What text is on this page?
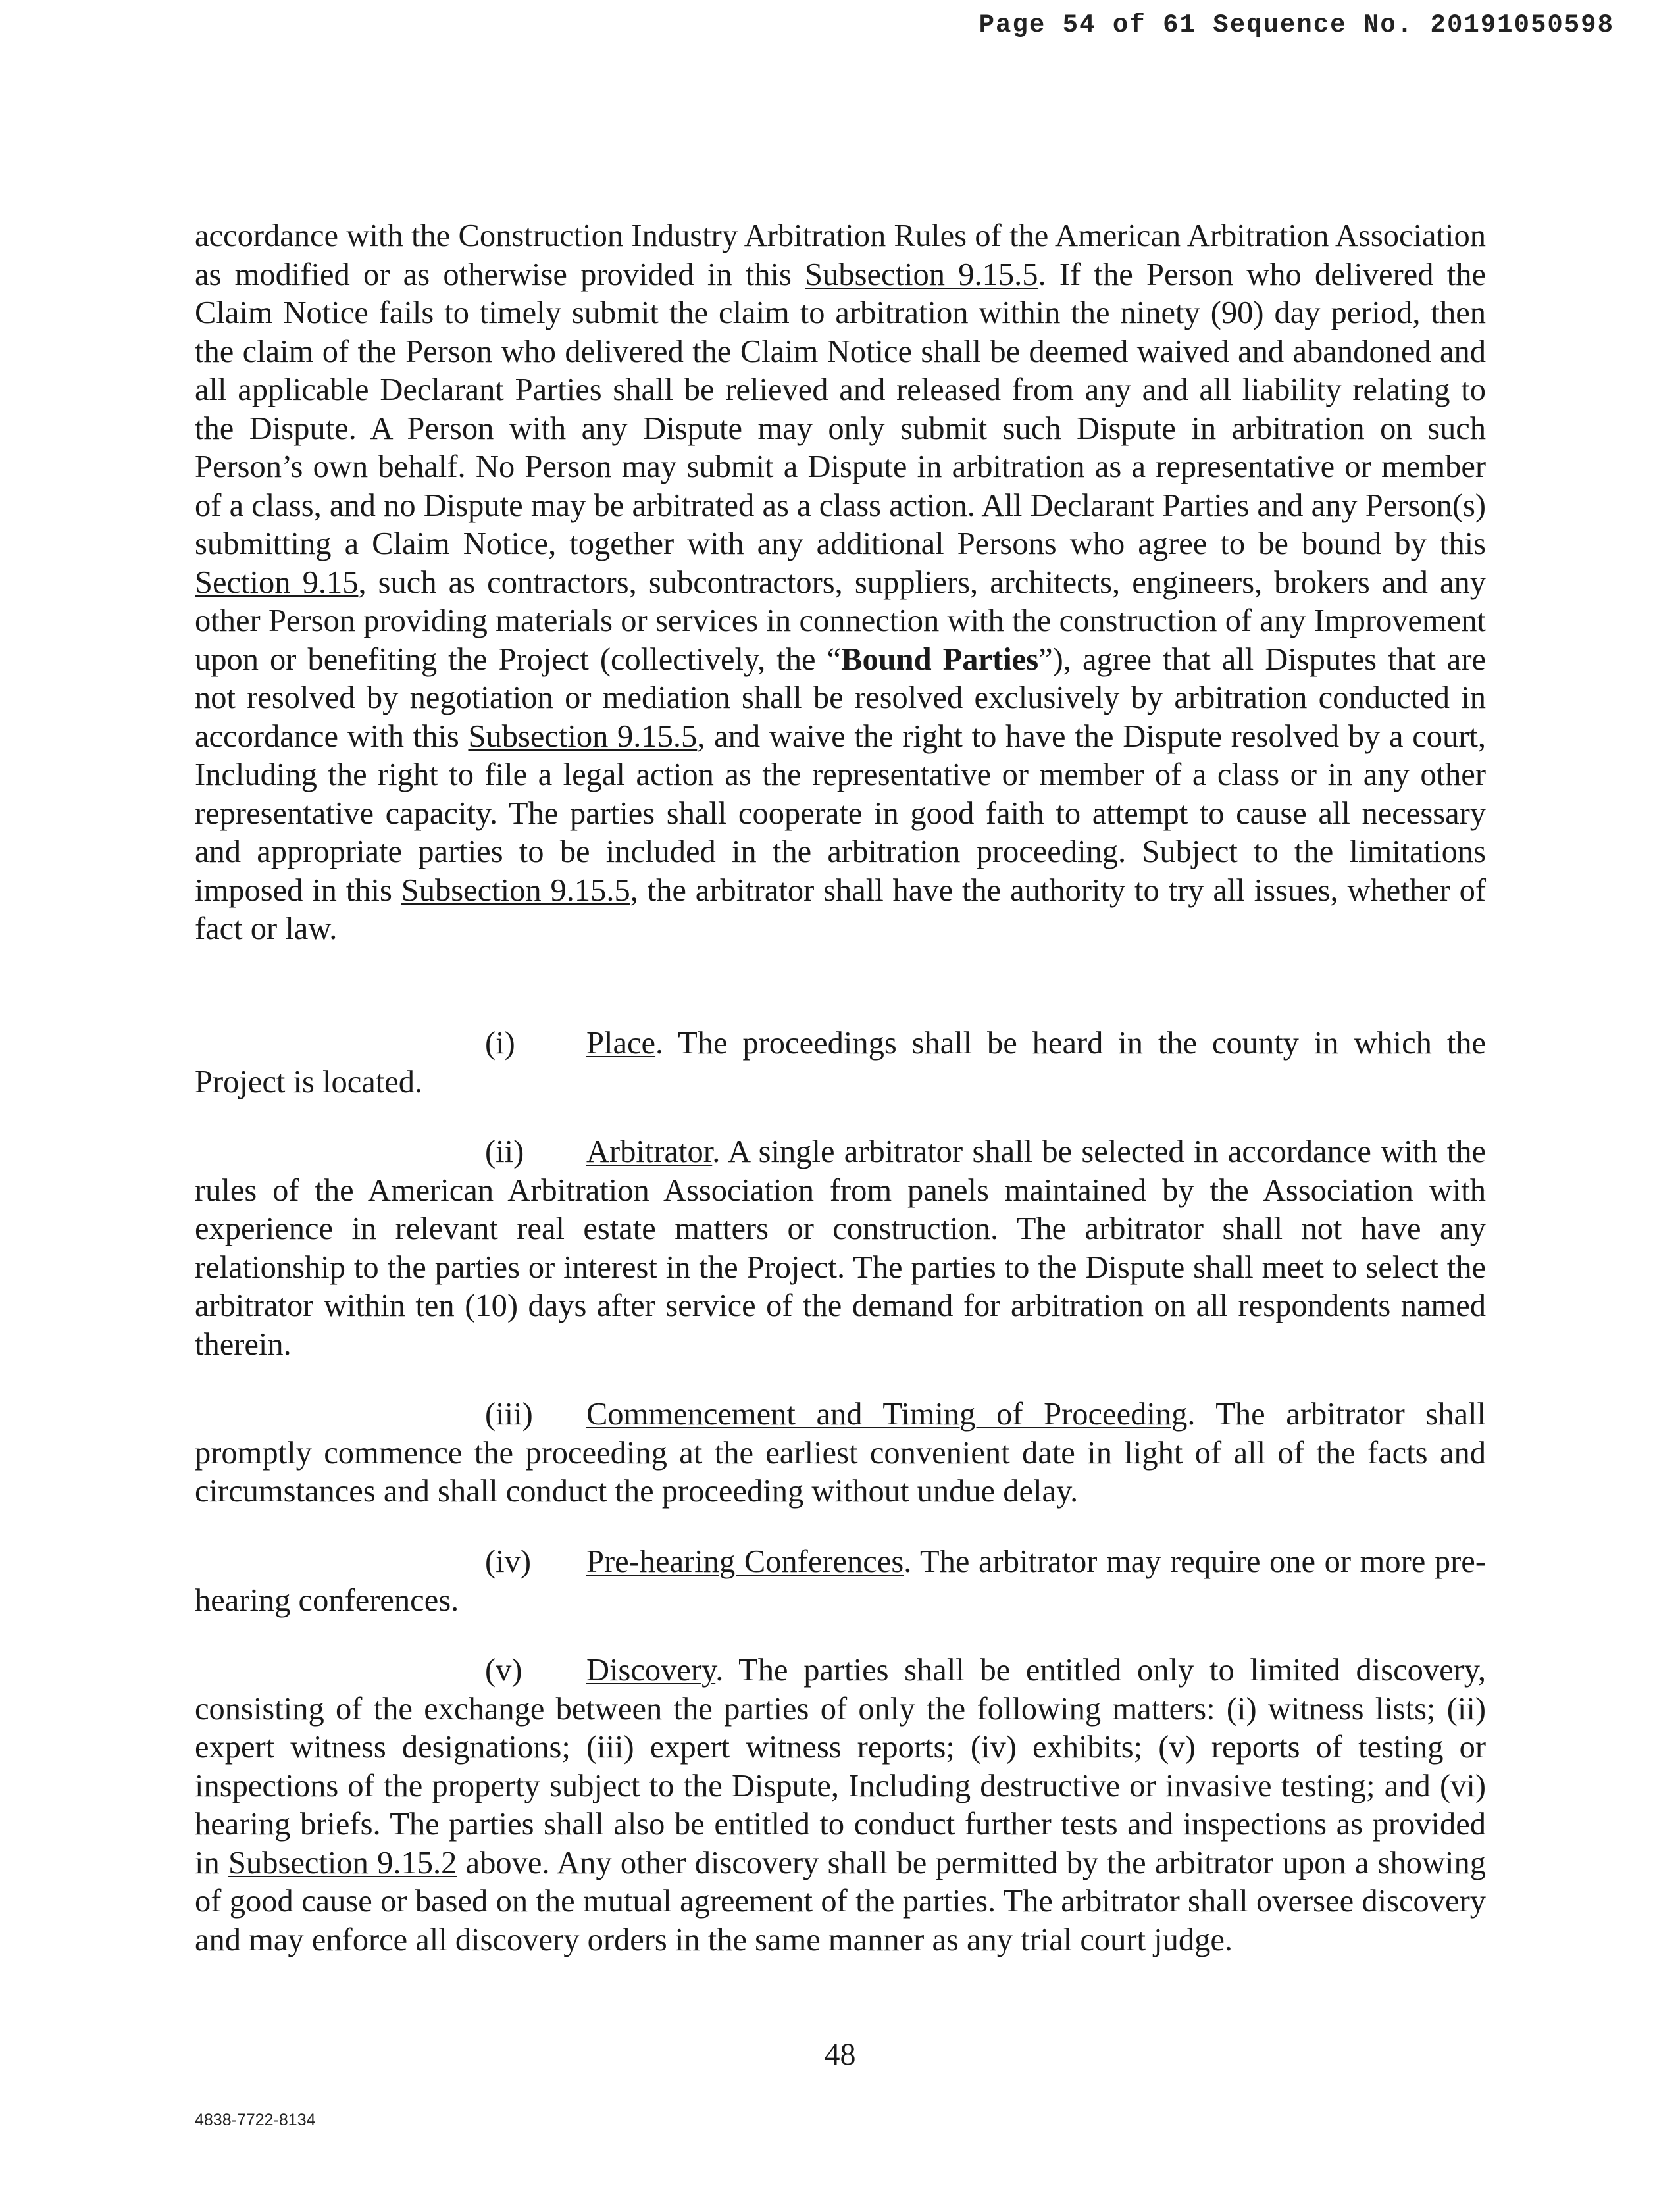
Page 54 of 61 Sequence No. 20191050598

accordance with the Construction Industry Arbitration Rules of the American Arbitration Association as modified or as otherwise provided in this Subsection 9.15.5. If the Person who delivered the Claim Notice fails to timely submit the claim to arbitration within the ninety (90) day period, then the claim of the Person who delivered the Claim Notice shall be deemed waived and abandoned and all applicable Declarant Parties shall be relieved and released from any and all liability relating to the Dispute. A Person with any Dispute may only submit such Dispute in arbitration on such Person’s own behalf. No Person may submit a Dispute in arbitration as a representative or member of a class, and no Dispute may be arbitrated as a class action. All Declarant Parties and any Person(s) submitting a Claim Notice, together with any additional Persons who agree to be bound by this Section 9.15, such as contractors, subcontractors, suppliers, architects, engineers, brokers and any other Person providing materials or services in connection with the construction of any Improvement upon or benefiting the Project (collectively, the “Bound Parties”), agree that all Disputes that are not resolved by negotiation or mediation shall be resolved exclusively by arbitration conducted in accordance with this Subsection 9.15.5, and waive the right to have the Dispute resolved by a court, Including the right to file a legal action as the representative or member of a class or in any other representative capacity. The parties shall cooperate in good faith to attempt to cause all necessary and appropriate parties to be included in the arbitration proceeding. Subject to the limitations imposed in this Subsection 9.15.5, the arbitrator shall have the authority to try all issues, whether of fact or law.

(i) Place. The proceedings shall be heard in the county in which the Project is located.

(ii) Arbitrator. A single arbitrator shall be selected in accordance with the rules of the American Arbitration Association from panels maintained by the Association with experience in relevant real estate matters or construction. The arbitrator shall not have any relationship to the parties or interest in the Project. The parties to the Dispute shall meet to select the arbitrator within ten (10) days after service of the demand for arbitration on all respondents named therein.

(iii) Commencement and Timing of Proceeding. The arbitrator shall promptly commence the proceeding at the earliest convenient date in light of all of the facts and circumstances and shall conduct the proceeding without undue delay.

(iv) Pre-hearing Conferences. The arbitrator may require one or more pre-hearing conferences.

(v) Discovery. The parties shall be entitled only to limited discovery, consisting of the exchange between the parties of only the following matters: (i) witness lists; (ii) expert witness designations; (iii) expert witness reports; (iv) exhibits; (v) reports of testing or inspections of the property subject to the Dispute, Including destructive or invasive testing; and (vi) hearing briefs. The parties shall also be entitled to conduct further tests and inspections as provided in Subsection 9.15.2 above. Any other discovery shall be permitted by the arbitrator upon a showing of good cause or based on the mutual agreement of the parties. The arbitrator shall oversee discovery and may enforce all discovery orders in the same manner as any trial court judge.

48
4838-7722-8134
